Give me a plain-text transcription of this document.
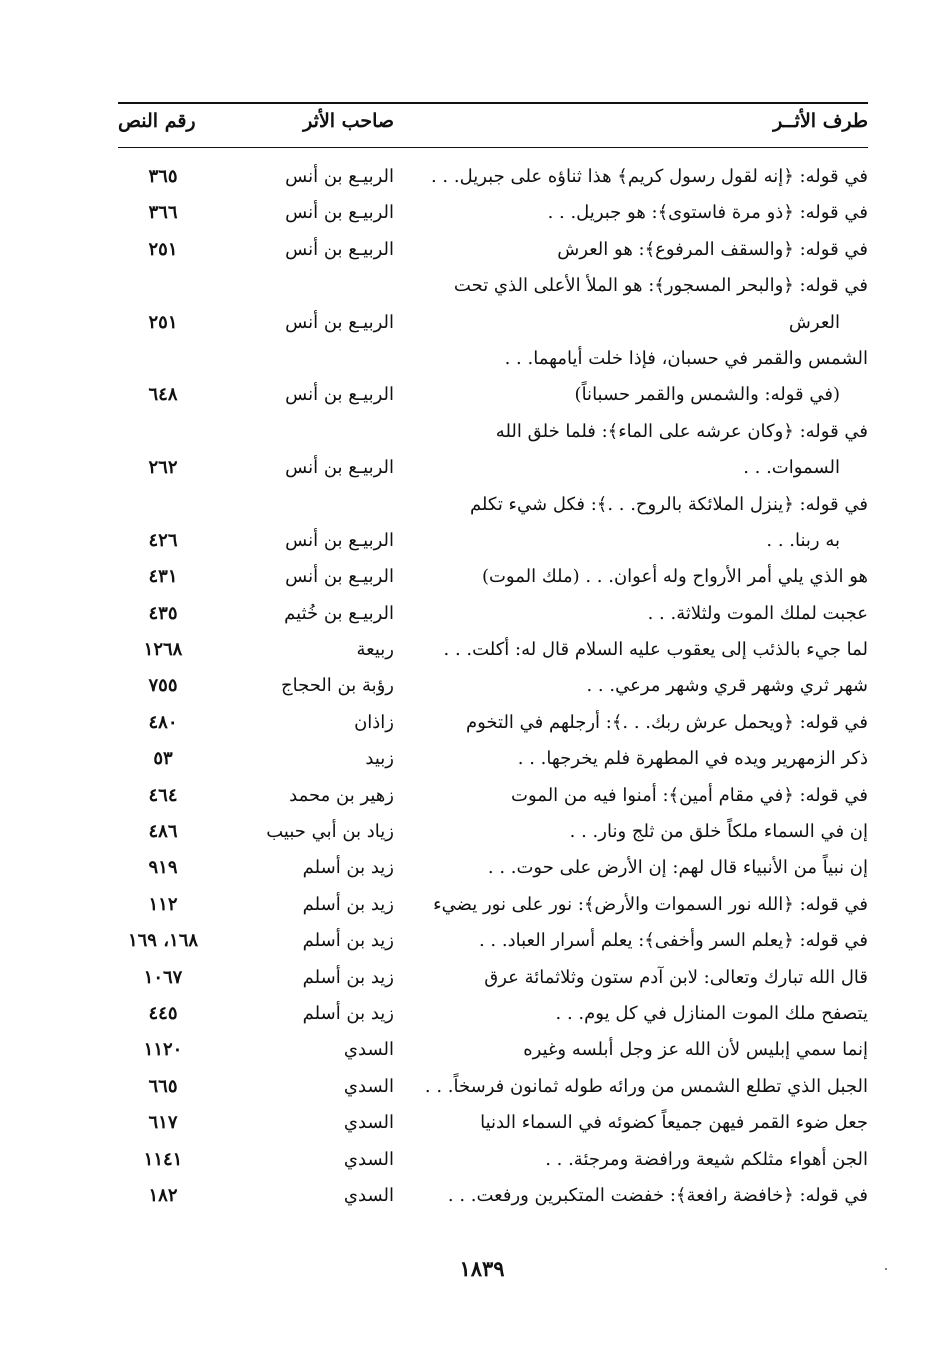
طرف الأثــر
صاحب الأثر
رقم النص
في قوله: ﴿إنه لقول رسول كريم﴾ هذا ثناؤه على جبريل. . .
الربيـع بن أنس
٣٦٥
في قوله: ﴿ذو مرة فاستوى﴾: هو جبريل. . .
الربيـع بن أنس
٣٦٦
في قوله: ﴿والسقف المرفوع﴾: هو العرش
الربيـع بن أنس
٢٥١
في قوله: ﴿والبحر المسجور﴾: هو الملأ الأعلى الذي تحت
العرش
الربيـع بن أنس
٢٥١
الشمس والقمر في حسبان، فإذا خلت أيامهما. . .
(في قوله: والشمس والقمر حسباناً)
الربيـع بن أنس
٦٤٨
في قوله: ﴿وكان عرشه على الماء﴾: فلما خلق الله
السموات. . .
الربيـع بن أنس
٢٦٢
في قوله: ﴿ينزل الملائكة بالروح. . .﴾: فكل شيء تكلم
به ربنا. . .
الربيـع بن أنس
٤٢٦
هو الذي يلي أمر الأرواح وله أعوان. . . (ملك الموت)
الربيـع بن أنس
٤٣١
عجبت لملك الموت ولثلاثة. . .
الربيـع بن خُثيم
٤٣٥
لما جيء بالذئب إلى يعقوب عليه السلام قال له: أكلت. . .
ربيعة
١٢٦٨
شهر ثري وشهر قري وشهر مرعي. . .
رؤبة بن الحجاج
٧٥٥
في قوله: ﴿ويحمل عرش ربك. . .﴾: أرجلهم في التخوم
زاذان
٤٨٠
ذكر الزمهرير ويده في المطهرة فلم يخرجها. . .
زبيد
٥٣
في قوله: ﴿في مقام أمين﴾: أمنوا فيه من الموت
زهير بن محمد
٤٦٤
إن في السماء ملكاً خلق من ثلج ونار. . .
زياد بن أبي حبيب
٤٨٦
إن نبياً من الأنبياء قال لهم: إن الأرض على حوت. . .
زيد بن أسلم
٩١٩
في قوله: ﴿الله نور السموات والأرض﴾: نور على نور يضيء
زيد بن أسلم
١١٢
في قوله: ﴿يعلم السر وأخفى﴾: يعلم أسرار العباد. . .
زيد بن أسلم
١٦٨، ١٦٩
قال الله تبارك وتعالى: لابن آدم ستون وثلاثمائة عرق
زيد بن أسلم
١٠٦٧
يتصفح ملك الموت المنازل في كل يوم. . .
زيد بن أسلم
٤٤٥
إنما سمي إبليس لأن الله عز وجل أبلسه وغيره
السدي
١١٢٠
الجبل الذي تطلع الشمس من ورائه طوله ثمانون فرسخاً. . .
السدي
٦٦٥
جعل ضوء القمر فيهن جميعاً كضوئه في السماء الدنيا
السدي
٦١٧
الجن أهواء مثلكم شيعة ورافضة ومرجئة. . .
السدي
١١٤١
في قوله: ﴿خافضة رافعة﴾: خفضت المتكبرين ورفعت. . .
السدي
١٨٢
١٨٣٩
